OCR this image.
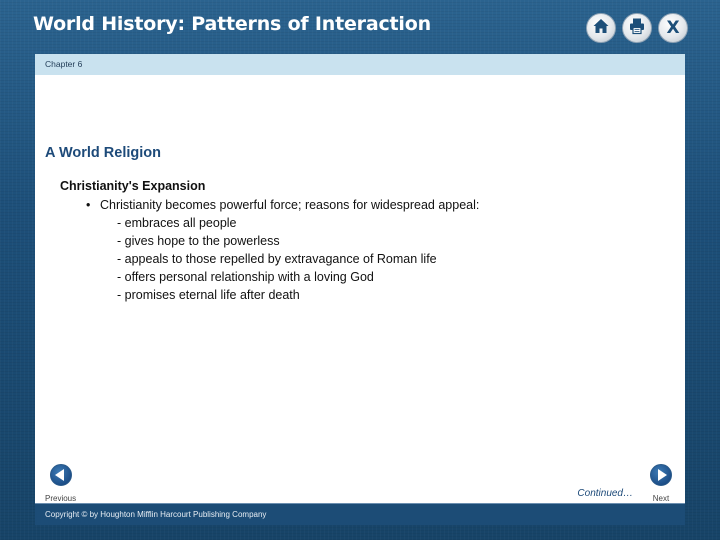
World History: Patterns of Interaction	X
Chapter 6
A World Religion
Christianity's Expansion
• Christianity becomes powerful force; reasons for widespread appeal:
- embraces all people
- gives hope to the powerless
- appeals to those repelled by extravagance of Roman life
- offers personal relationship with a loving God
- promises eternal life after death
Previous	Continued…	Next
Copyright © by Houghton Mifflin Harcourt Publishing Company
